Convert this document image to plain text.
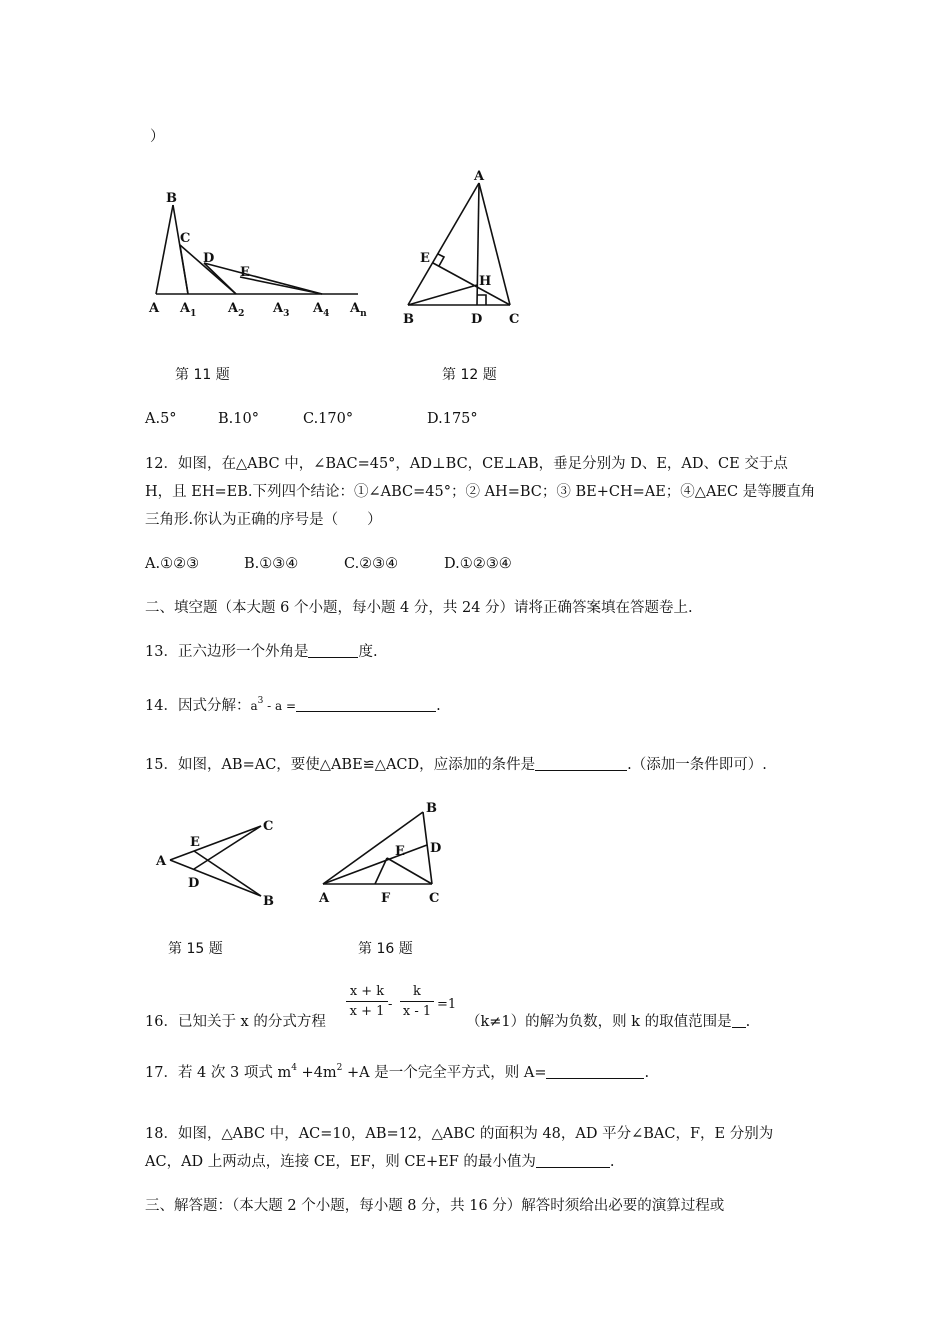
）
B
C
D
E
A $A_1$ $A_2$ $A_3$ $A_4$ $A_n$
A
E
H
B	D C
第 11 题	第 12 题
A.5°	B.10°	C.170°	D.175°
12．如图，在△ABC 中，∠BAC=45°，AD⊥BC，CE⊥AB，垂足分别为 D、E，AD、CE 交于点
H，且 EH=EB.下列四个结论：①∠ABC=45°；② AH=BC；③ BE+CH=AE；④△AEC 是等腰直角
三角形.你认为正确的序号是（　　）
A.①②③	B.①③④	C.②③④	D.①②③④
二、填空题（本大题 6 个小题，每小题 4 分，共 24 分）请将正确答案填在答题卷上.
13．正六边形一个外角是	度.
14．因式分解：$a^3$ - a =	.
15．如图，AB=AC，要使△ABE≌△ACD，应添加的条件是	.（添加一条件即可）.
A
E
D
C
B
B
D
E
A	F	C
第 15 题	第 16 题
16．已知关于 x 的分式方程
x + k
x + 1 -
k
x - 1 =1
（k≠1）的解为负数，则 k 的取值范围是 .
17．若 4 次 3 项式 $m^4 +4m^2 +A$ 是一个完全平方式，则 A=	.
18．如图，△ABC 中，AC=10，AB=12，△ABC 的面积为 48，AD 平分∠BAC，F，E 分别为
AC，AD 上两动点，连接 CE，EF，则 CE+EF 的最小值为	.
三、解答题：（本大题 2 个小题，每小题 8 分，共 16 分）解答时须给出必要的演算过程或
